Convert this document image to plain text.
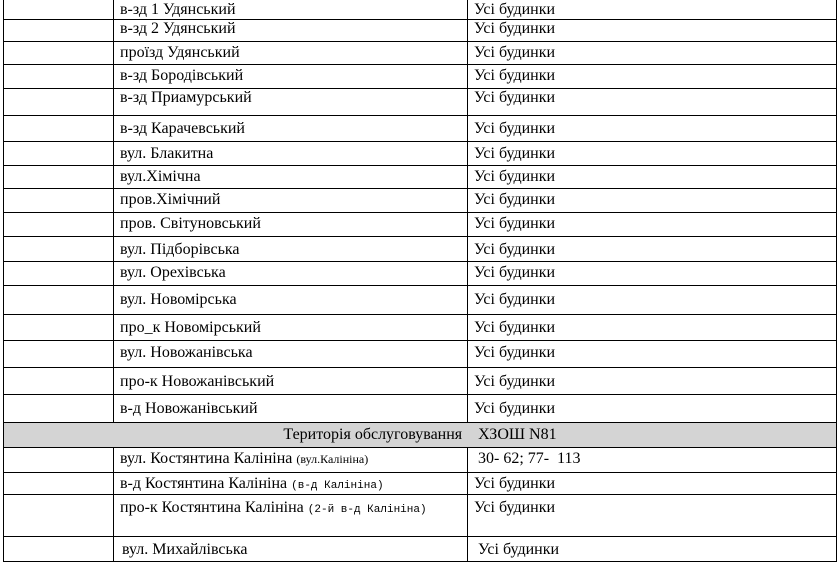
	в-зд 1 Удянський	Усі будинки
	в-зд 2 Удянський	Усі будинки
	проїзд Удянський	Усі будинки
	в-зд Бородівський	Усі будинки
	в-зд Приамурський	Усі будинки
	в-зд Карачевський	Усі будинки
	вул. Блакитна	Усі будинки
	вул.Хімічна	Усі будинки
	пров.Хімічний	Усі будинки
	пров. Світуновський	Усі будинки
	вул. Підборівська	Усі будинки
	вул. Орехівська	Усі будинки
	вул. Новомірська	Усі будинки
	про_к Новомірський	Усі будинки
	вул. Новожанівська	Усі будинки
	про-к Новожанівський	Усі будинки
	в-д Новожанівський	Усі будинки
Територія обслуговування    ХЗОШ N81		
	вул. Костянтина Калініна (вул.Калініна)	30- 62; 77-  113
	в-д Костянтина Калініна (в-д Калініна)	Усі будинки
	про-к Костянтина Калініна (2-й в-д Калініна)	Усі будинки
	вул. Михайлівська	Усі будинки
